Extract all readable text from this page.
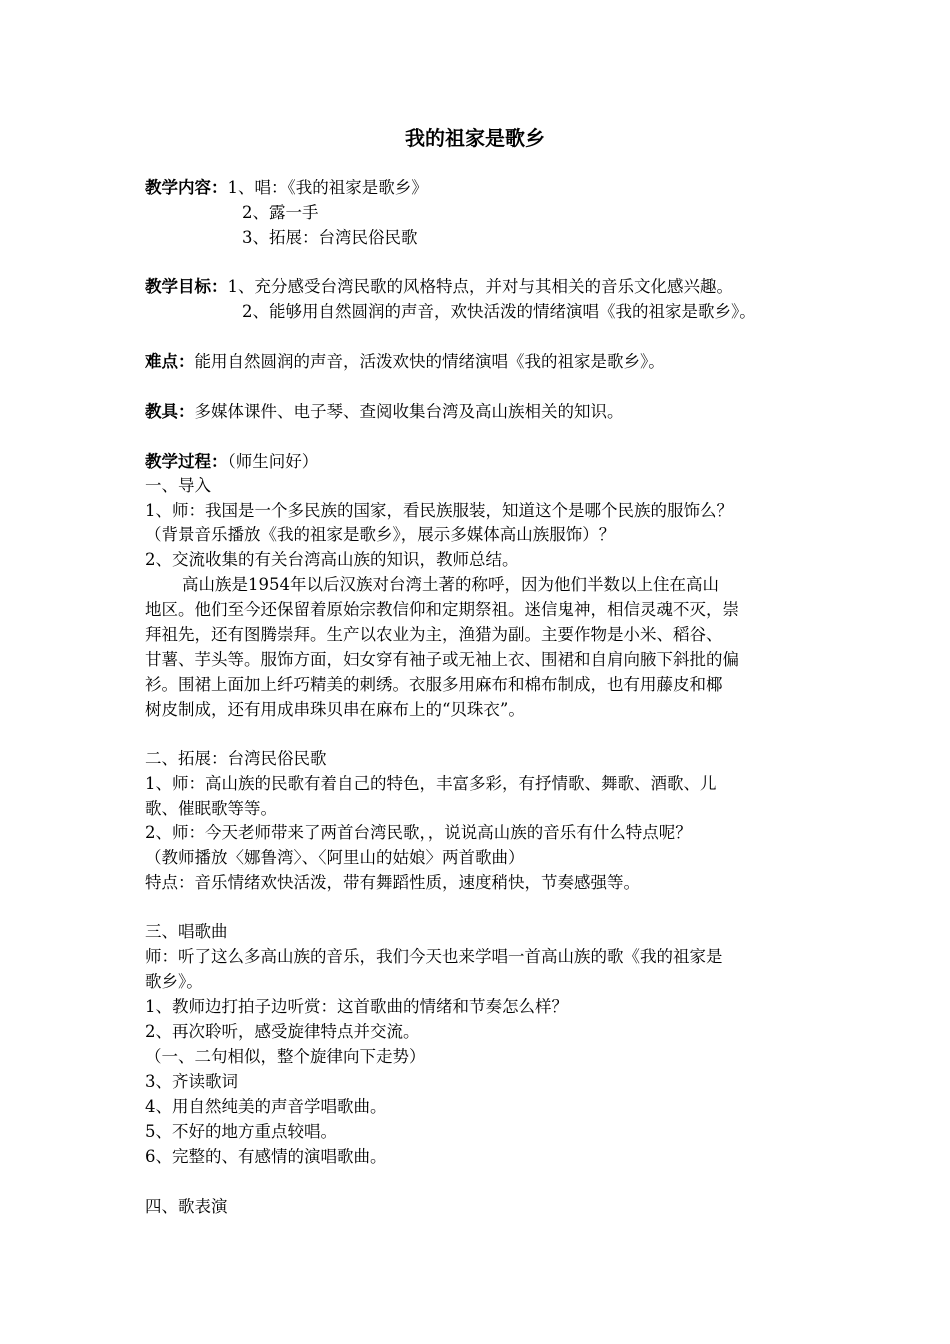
我的祖家是歌乡
教学内容：1、唱：《我的祖家是歌乡》
2、露一手
3、拓展：台湾民俗民歌
教学目标：1、充分感受台湾民歌的风格特点，并对与其相关的音乐文化感兴趣。
2、能够用自然圆润的声音，欢快活泼的情绪演唱《我的祖家是歌乡》。
难点：能用自然圆润的声音，活泼欢快的情绪演唱《我的祖家是歌乡》。
教具：多媒体课件、电子琴、查阅收集台湾及高山族相关的知识。
教学过程：（师生问好）
一、导入
1、师：我国是一个多民族的国家，看民族服装，知道这个是哪个民族的服饰么？
（背景音乐播放《我的祖家是歌乡》，展示多媒体高山族服饰）？
2、交流收集的有关台湾高山族的知识，教师总结。
高山族是1954年以后汉族对台湾土著的称呼，因为他们半数以上住在高山
地区。他们至今还保留着原始宗教信仰和定期祭祖。迷信鬼神，相信灵魂不灭，崇
拜祖先，还有图腾崇拜。生产以农业为主，渔猎为副。主要作物是小米、稻谷、
甘薯、芋头等。服饰方面，妇女穿有袖子或无袖上衣、围裙和自肩向腋下斜批的偏
衫。围裙上面加上纤巧精美的刺绣。衣服多用麻布和棉布制成，也有用藤皮和椰
树皮制成，还有用成串珠贝串在麻布上的“贝珠衣”。
二、拓展：台湾民俗民歌
1、师：高山族的民歌有着自己的特色，丰富多彩，有抒情歌、舞歌、酒歌、儿
歌、催眠歌等等。
2、师：今天老师带来了两首台湾民歌，，说说高山族的音乐有什么特点呢？
（教师播放〈娜鲁湾〉、〈阿里山的姑娘〉两首歌曲）
特点：音乐情绪欢快活泼，带有舞蹈性质，速度稍快，节奏感强等。
三、唱歌曲
师：听了这么多高山族的音乐，我们今天也来学唱一首高山族的歌《我的祖家是
歌乡》。
1、教师边打拍子边听赏：这首歌曲的情绪和节奏怎么样？
2、再次聆听，感受旋律特点并交流。
（一、二句相似，整个旋律向下走势）
3、齐读歌词
4、用自然纯美的声音学唱歌曲。
5、不好的地方重点较唱。
6、完整的、有感情的演唱歌曲。
四、歌表演
